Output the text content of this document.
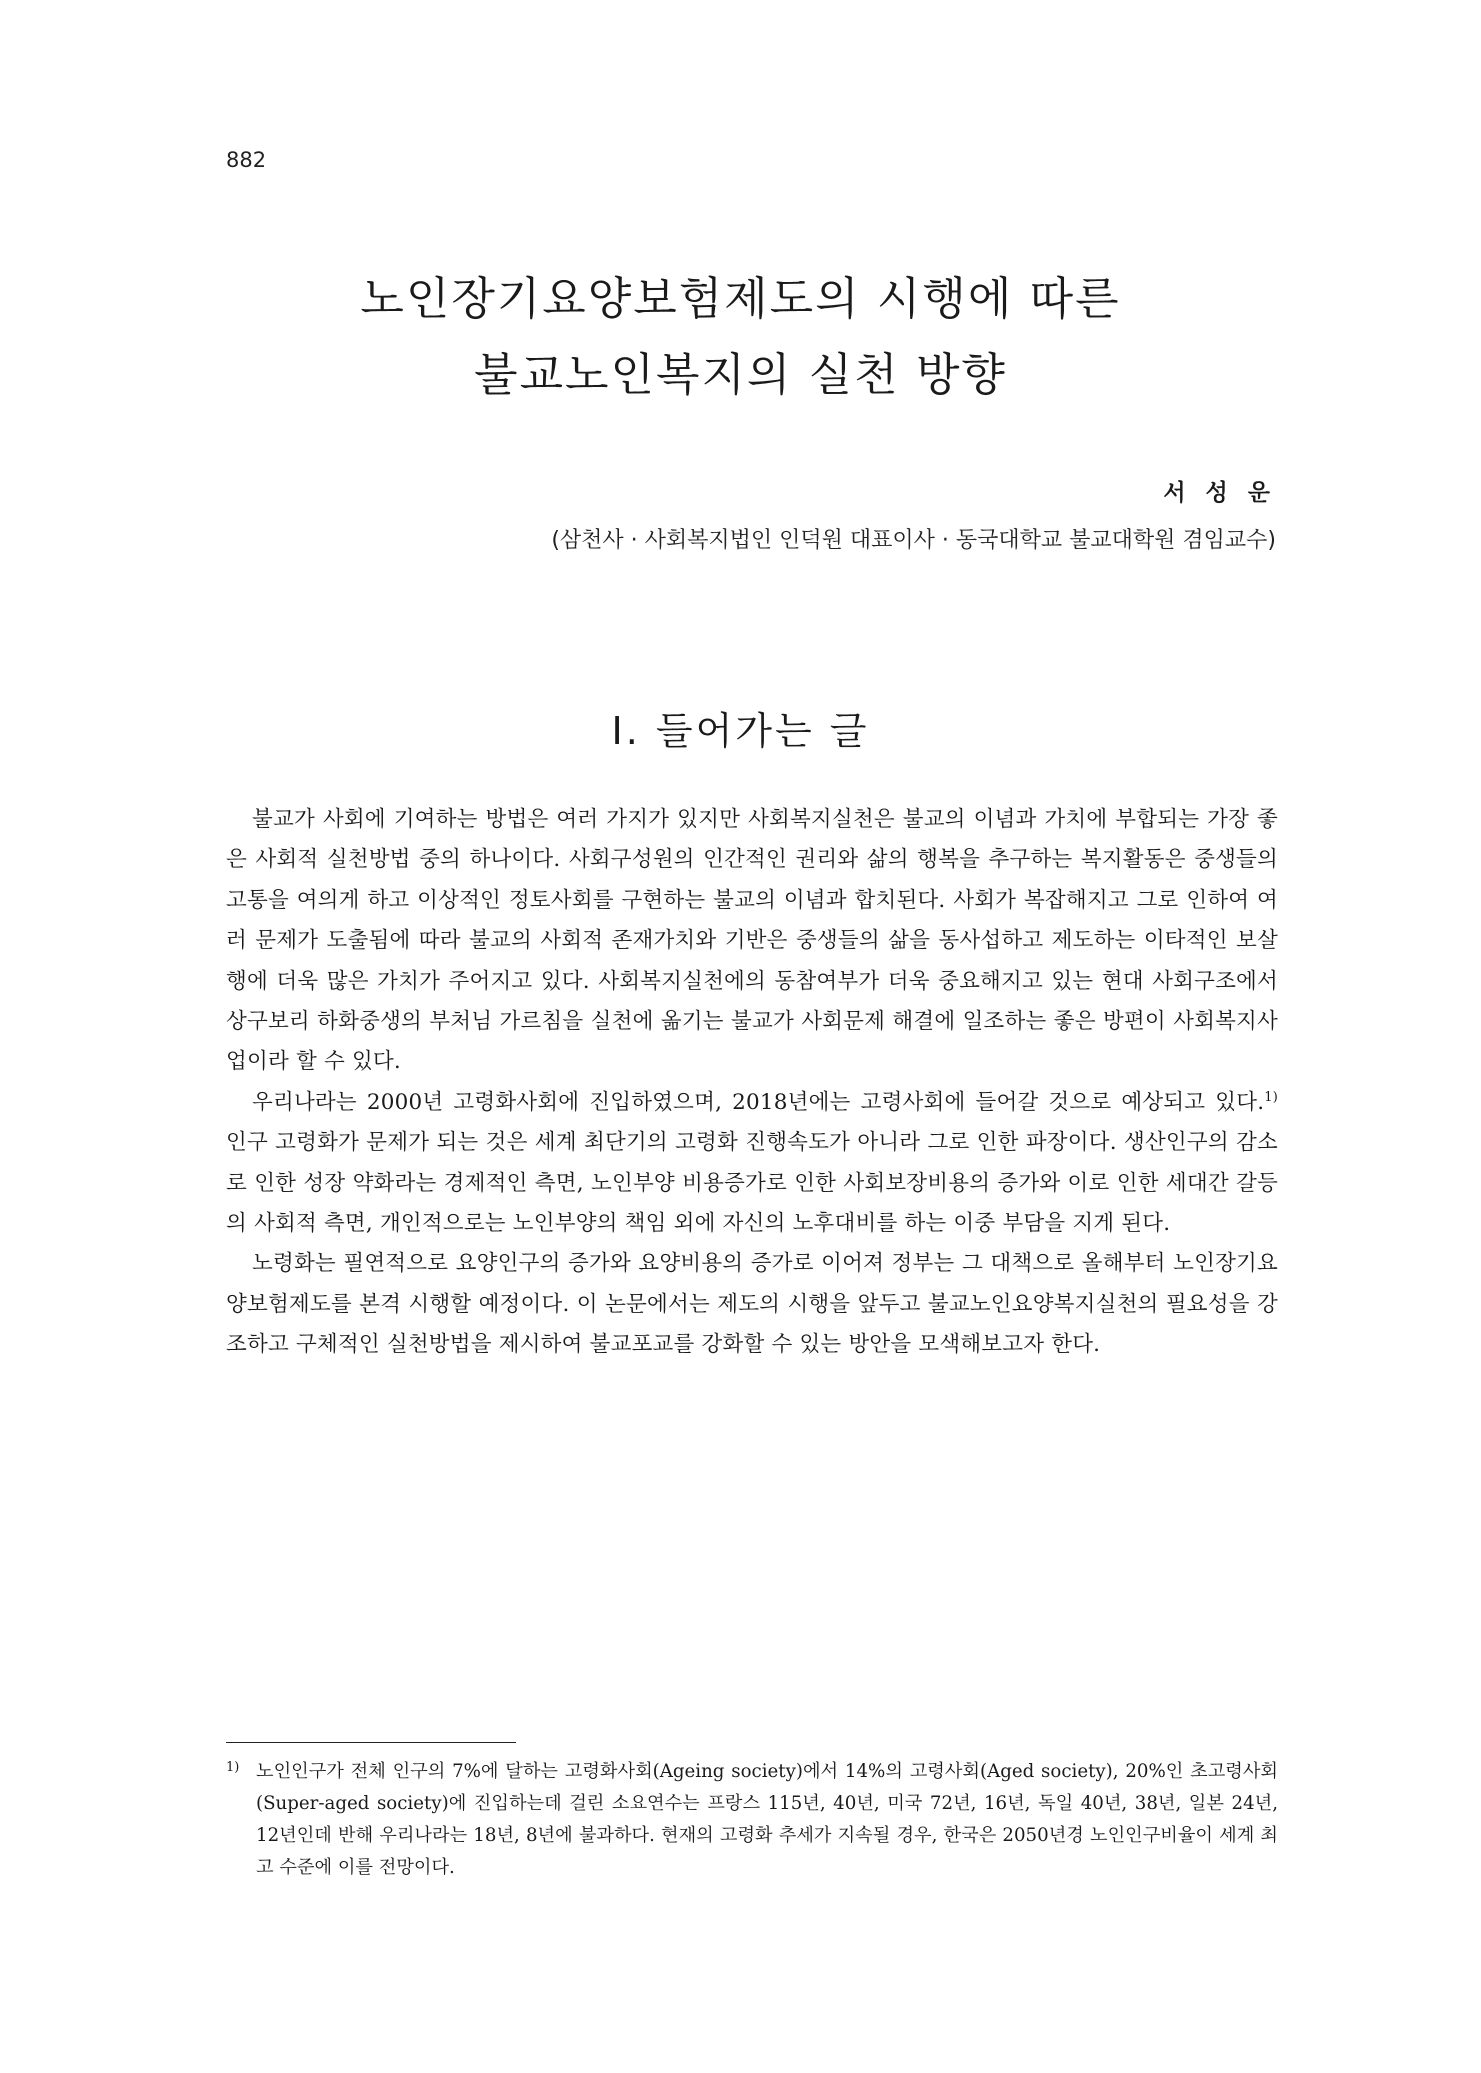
882
노인장기요양보험제도의 시행에 따른
불교노인복지의 실천 방향
서 성 운
(삼천사 · 사회복지법인 인덕원 대표이사 · 동국대학교 불교대학원 겸임교수)
I. 들어가는 글

불교가 사회에 기여하는 방법은 여러 가지가 있지만 사회복지실천은 불교의 이념과 가치에 부합되는 가장 좋은 사회적 실천방법 중의 하나이다. 사회구성원의 인간적인 권리와 삶의 행복을 추구하는 복지활동은 중생들의 고통을 여의게 하고 이상적인 정토사회를 구현하는 불교의 이념과 합치된다. 사회가 복잡해지고 그로 인하여 여러 문제가 도출됨에 따라 불교의 사회적 존재가치와 기반은 중생들의 삶을 동사섭하고 제도하는 이타적인 보살행에 더욱 많은 가치가 주어지고 있다. 사회복지실천에의 동참여부가 더욱 중요해지고 있는 현대 사회구조에서 상구보리 하화중생의 부처님 가르침을 실천에 옮기는 불교가 사회문제 해결에 일조하는 좋은 방편이 사회복지사업이라 할 수 있다.

우리나라는 2000년 고령화사회에 진입하였으며, 2018년에는 고령사회에 들어갈 것으로 예상되고 있다.$^{1)}$ 인구 고령화가 문제가 되는 것은 세계 최단기의 고령화 진행속도가 아니라 그로 인한 파장이다. 생산인구의 감소로 인한 성장 약화라는 경제적인 측면, 노인부양 비용증가로 인한 사회보장비용의 증가와 이로 인한 세대간 갈등의 사회적 측면, 개인적으로는 노인부양의 책임 외에 자신의 노후대비를 하는 이중 부담을 지게 된다.

노령화는 필연적으로 요양인구의 증가와 요양비용의 증가로 이어져 정부는 그 대책으로 올해부터 노인장기요양보험제도를 본격 시행할 예정이다. 이 논문에서는 제도의 시행을 앞두고 불교노인요양복지실천의 필요성을 강조하고 구체적인 실천방법을 제시하여 불교포교를 강화할 수 있는 방안을 모색해보고자 한다.

1) 노인인구가 전체 인구의 7%에 달하는 고령화사회(Ageing society)에서 14%의 고령사회(Aged society), 20%인 초고령사회(Super-aged society)에 진입하는데 걸린 소요연수는 프랑스 115년, 40년, 미국 72년, 16년, 독일 40년, 38년, 일본 24년, 12년인데 반해 우리나라는 18년, 8년에 불과하다. 현재의 고령화 추세가 지속될 경우, 한국은 2050년경 노인인구비율이 세계 최고 수준에 이를 전망이다.
